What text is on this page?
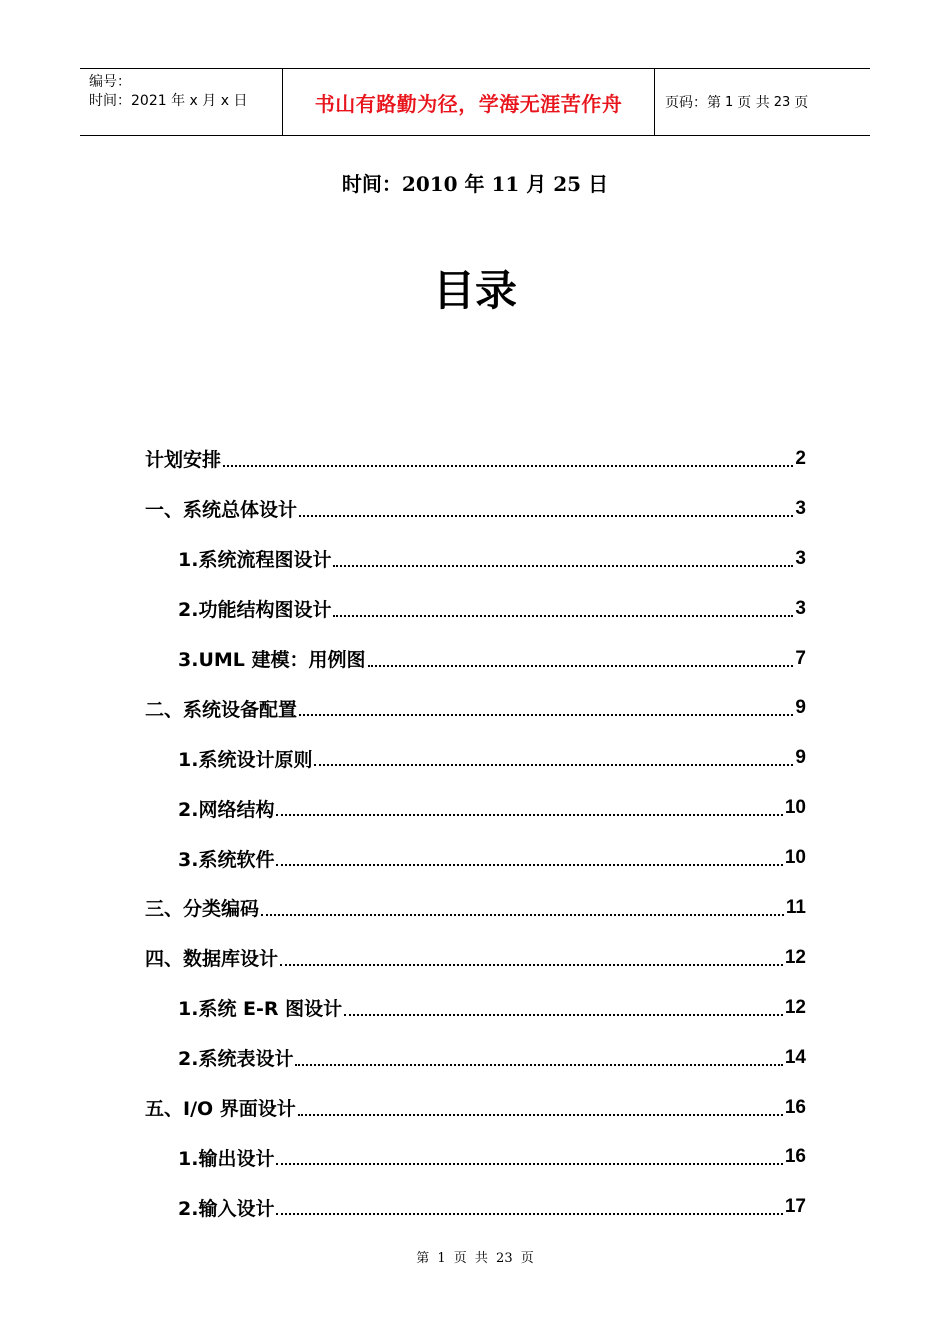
编号：
时间：2021 年 x 月 x 日	书山有路勤为径，学海无涯苦作舟	页码：第 1 页 共 23 页
时间：2010 年 11 月 25 日
目录
计划安排	2
一、系统总体设计	3
1.系统流程图设计	3
2.功能结构图设计	3
3.UML 建模：用例图	7
二、系统设备配置	9
1.系统设计原则	9
2.网络结构	10
3.系统软件	10
三、分类编码	11
四、数据库设计	12
1.系统 E-R 图设计	12
2.系统表设计	14
五、I/O 界面设计	16
1.输出设计	16
2.输入设计	17
第 1 页 共 23 页
